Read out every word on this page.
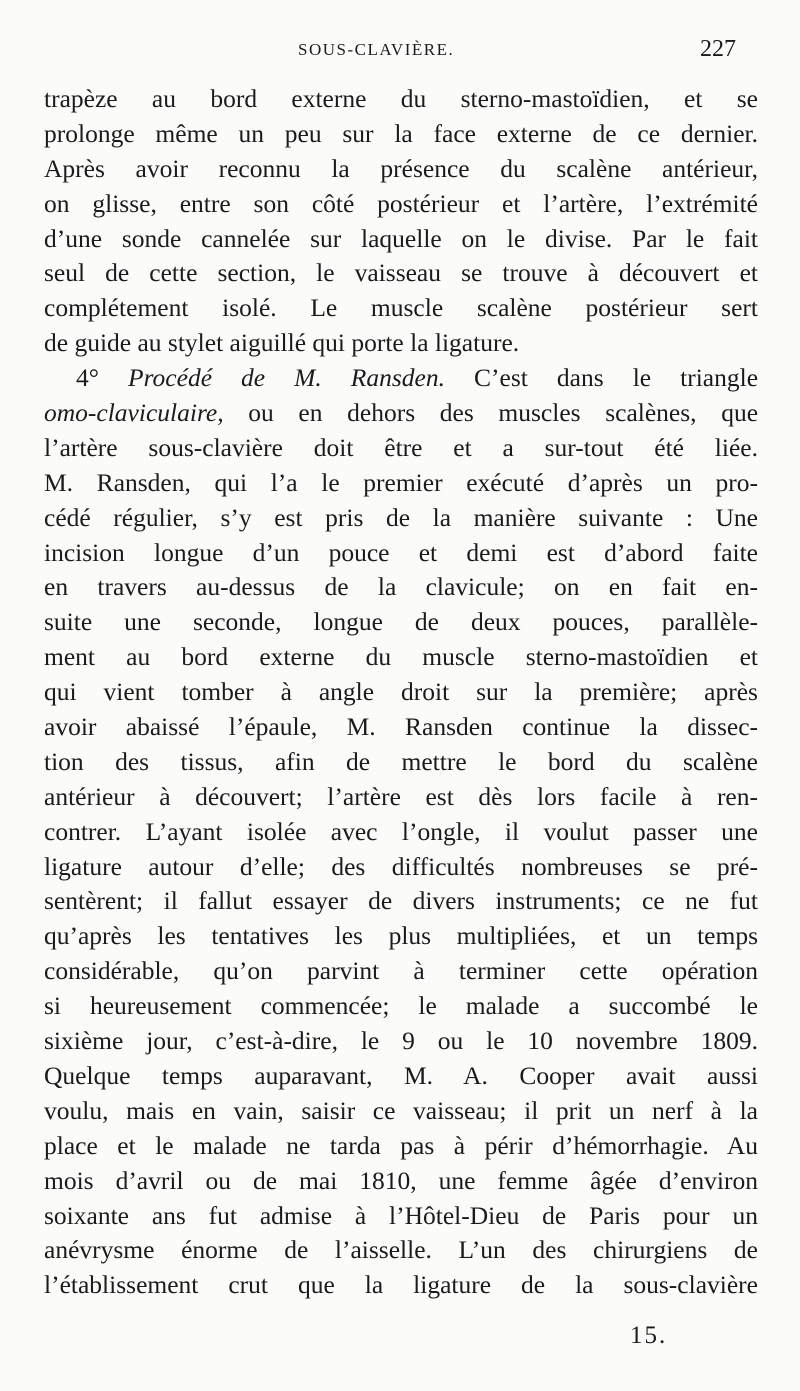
SOUS-CLAVIÈRE.	227
trapèze au bord externe du sterno-mastoïdien, et se
prolonge même un peu sur la face externe de ce dernier.
Après avoir reconnu la présence du scalène antérieur,
on glisse, entre son côté postérieur et l’artère, l’extrémité
d’une sonde cannelée sur laquelle on le divise. Par le fait
seul de cette section, le vaisseau se trouve à découvert et
complétement isolé. Le muscle scalène postérieur sert
de guide au stylet aiguillé qui porte la ligature.
4° Procédé de M. Ransden. C’est dans le triangle
omo-claviculaire, ou en dehors des muscles scalènes, que
l’artère sous-clavière doit être et a sur-tout été liée.
M. Ransden, qui l’a le premier exécuté d’après un pro-
cédé régulier, s’y est pris de la manière suivante : Une
incision longue d’un pouce et demi est d’abord faite
en travers au-dessus de la clavicule; on en fait en-
suite une seconde, longue de deux pouces, parallèle-
ment au bord externe du muscle sterno-mastoïdien et
qui vient tomber à angle droit sur la première; après
avoir abaissé l’épaule, M. Ransden continue la dissec-
tion des tissus, afin de mettre le bord du scalène
antérieur à découvert; l’artère est dès lors facile à ren-
contrer. L’ayant isolée avec l’ongle, il voulut passer une
ligature autour d’elle; des difficultés nombreuses se pré-
sentèrent; il fallut essayer de divers instruments; ce ne fut
qu’après les tentatives les plus multipliées, et un temps
considérable, qu’on parvint à terminer cette opération
si heureusement commencée; le malade a succombé le
sixième jour, c’est-à-dire, le 9 ou le 10 novembre 1809.
Quelque temps auparavant, M. A. Cooper avait aussi
voulu, mais en vain, saisir ce vaisseau; il prit un nerf à la
place et le malade ne tarda pas à périr d’hémorrhagie. Au
mois d’avril ou de mai 1810, une femme âgée d’environ
soixante ans fut admise à l’Hôtel-Dieu de Paris pour un
anévrysme énorme de l’aisselle. L’un des chirurgiens de
l’établissement crut que la ligature de la sous-clavière
15.
